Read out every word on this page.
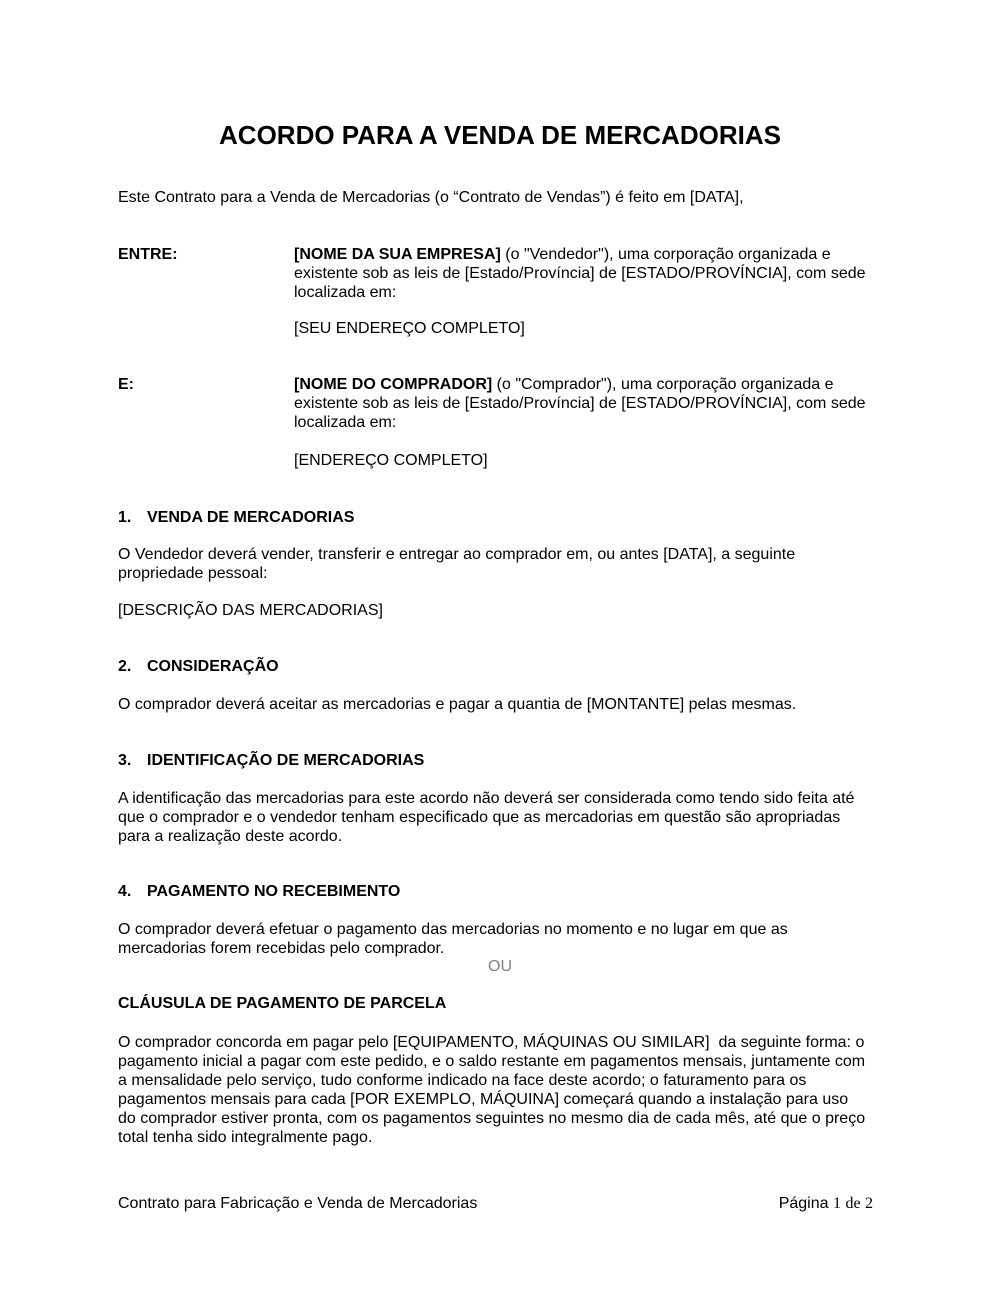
ACORDO PARA A VENDA DE MERCADORIAS
Este Contrato para a Venda de Mercadorias (o “Contrato de Vendas”) é feito em [DATA],
ENTRE:	[NOME DA SUA EMPRESA] (o "Vendedor"), uma corporação organizada e
existente sob as leis de [Estado/Província] de [ESTADO/PROVÍNCIA], com sede
localizada em:
[SEU ENDEREÇO COMPLETO]
E:	[NOME DO COMPRADOR] (o "Comprador"), uma corporação organizada e
existente sob as leis de [Estado/Província] de [ESTADO/PROVÍNCIA], com sede
localizada em:
[ENDEREÇO COMPLETO]
1. VENDA DE MERCADORIAS
O Vendedor deverá vender, transferir e entregar ao comprador em, ou antes [DATA], a seguinte
propriedade pessoal:
[DESCRIÇÃO DAS MERCADORIAS]
2. CONSIDERAÇÃO
O comprador deverá aceitar as mercadorias e pagar a quantia de [MONTANTE] pelas mesmas.
3. IDENTIFICAÇÃO DE MERCADORIAS
A identificação das mercadorias para este acordo não deverá ser considerada como tendo sido feita até
que o comprador e o vendedor tenham especificado que as mercadorias em questão são apropriadas
para a realização deste acordo.
4. PAGAMENTO NO RECEBIMENTO
O comprador deverá efetuar o pagamento das mercadorias no momento e no lugar em que as
mercadorias forem recebidas pelo comprador.
OU
CLÁUSULA DE PAGAMENTO DE PARCELA
O comprador concorda em pagar pelo [EQUIPAMENTO, MÁQUINAS OU SIMILAR]  da seguinte forma: o
pagamento inicial a pagar com este pedido, e o saldo restante em pagamentos mensais, juntamente com
a mensalidade pelo serviço, tudo conforme indicado na face deste acordo; o faturamento para os
pagamentos mensais para cada [POR EXEMPLO, MÁQUINA] começará quando a instalação para uso
do comprador estiver pronta, com os pagamentos seguintes no mesmo dia de cada mês, até que o preço
total tenha sido integralmente pago.
Contrato para Fabricação e Venda de Mercadorias	Página 1 de 2
